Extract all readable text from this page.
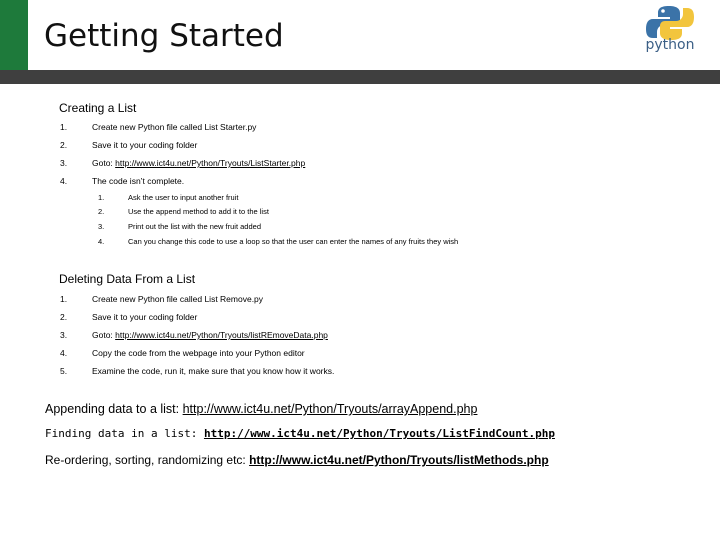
Getting Started	python
Creating a List
1.	Create new Python file called List Starter.py
2.	Save it to your coding folder
3.	Goto: http://www.ict4u.net/Python/Tryouts/ListStarter.php
4.	The code isn’t complete.
1.	Ask the user to input another fruit
2.	Use the append method to add it to the list
3.	Print out the list with the new fruit added
4.	Can you change this code to use a loop so that the user can enter the names of any fruits they wish
Deleting Data From a List
1.	Create new Python file called List Remove.py
2.	Save it to your coding folder
3.	Goto: http://www.ict4u.net/Python/Tryouts/listREmoveData.php
4.	Copy the code from the webpage into your Python editor
5.	Examine the code, run it, make sure that you know how it works.
Appending data to a list: http://www.ict4u.net/Python/Tryouts/arrayAppend.php
Finding data in a list: http://www.ict4u.net/Python/Tryouts/ListFindCount.php
Re-ordering, sorting, randomizing etc: http://www.ict4u.net/Python/Tryouts/listMethods.php
